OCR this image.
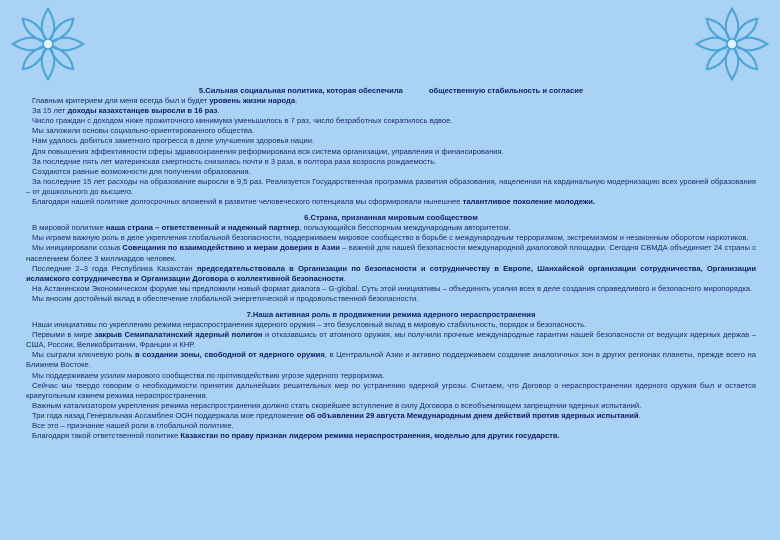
5.Сильная социальная политика, которая обеспечила	общественную стабильность и согласие

Главным критерием для меня всегда был и будет уровень жизни народа.

За 15 лет доходы казахстанцев выросли в 16 раз.

Число граждан с доходом ниже прожиточного минимума уменьшилось в 7 раз, число безработных сократилось вдвое.

Мы заложили основы социально-ориентированного общества.

Нам удалось добиться заметного прогресса в деле улучшения здоровья нации.

Для повышения эффективности сферы здравоохранения реформирована вся система организации, управления и финансирования.

За последние пять лет материнская смертность снизилась почти в 3 раза, в полтора раза возросла рождаемость.

Создаются равные возможности для получения образования.

За последние 15 лет расходы на образование выросли в 9,5 раз. Реализуется Государственная программа развития образования, нацеленная на кардинальную модернизацию всех уровней образования – от дошкольного до высшего.

Благодаря нашей политике долгосрочных вложений в развитие человеческого потенциала мы сформировали нынешнее талантливое поколение молодежи.

6.Страна, признанная мировым сообществом

В мировой политике наша страна – ответственный и надежный партнер, пользующийся бесспорным международным авторитетом.

Мы играем важную роль в деле укрепления глобальной безопасности, поддерживаем мировое сообщество в борьбе с международным терроризмом, экстремизмом и незаконным оборотом наркотиков.

Мы инициировали созыв Совещания по взаимодействию и мерам доверия в Азии – важной для нашей безопасности международной диалоговой площадки. Сегодня СВМДА объединяет 24 страны с населением более 3 миллиардов человек.

Последние 2–3 года Республика Казахстан председательствовала в Организации по безопасности и сотрудничеству в Европе, Шанхайской организации сотрудничества, Организации исламского сотрудничества и Организации Договора о коллективной безопасности.

На Астанинском Экономическом форуме мы предложили новый формат диалога – G-global. Суть этой инициативы – объединить усилия всех в деле создания справедливого и безопасного миропорядка.

Мы вносим достойный вклад в обеспечение глобальной энергетической и продовольственной безопасности.

7.Наша активная роль в продвижении режима ядерного нераспространения

Наши инициативы по укреплению режима нераспространения ядерного оружия – это безусловный вклад в мировую стабильность, порядок и безопасность.

Первыми в мире закрыв Семипалатинский ядерный полигон и отказавшись от атомного оружия, мы получили прочные международные гарантии нашей безопасности от ведущих ядерных держав – США, России, Великобритании, Франции и КНР.

Мы сыграли ключевую роль в создании зоны, свободной от ядерного оружия, в Центральной Азии и активно поддерживаем создание аналогичных зон в других регионах планеты, прежде всего на Ближнем Востоке.

Мы поддерживаем усилия мирового сообщества по противодействию угрозе ядерного терроризма.

Сейчас мы твердо говорим о необходимости принятия дальнейших решительных мер по устранению ядерной угрозы. Считаем, что Договор о нераспространении ядерного оружия был и остается краеугольным камнем режима нераспространения.

Важным катализатором укрепления режима нераспространения должно стать скорейшее вступление в силу Договора о всеобъемлющем запрещении ядерных испытаний.

Три года назад Генеральная Ассамблея ООН поддержала мое предложение об объявлении 29 августа Международным днем действий против ядерных испытаний.

Все это – признание нашей роли в глобальной политике.

Благодаря такой ответственной политике Казахстан по праву признан лидером режима нераспространения, моделью для других государств.
